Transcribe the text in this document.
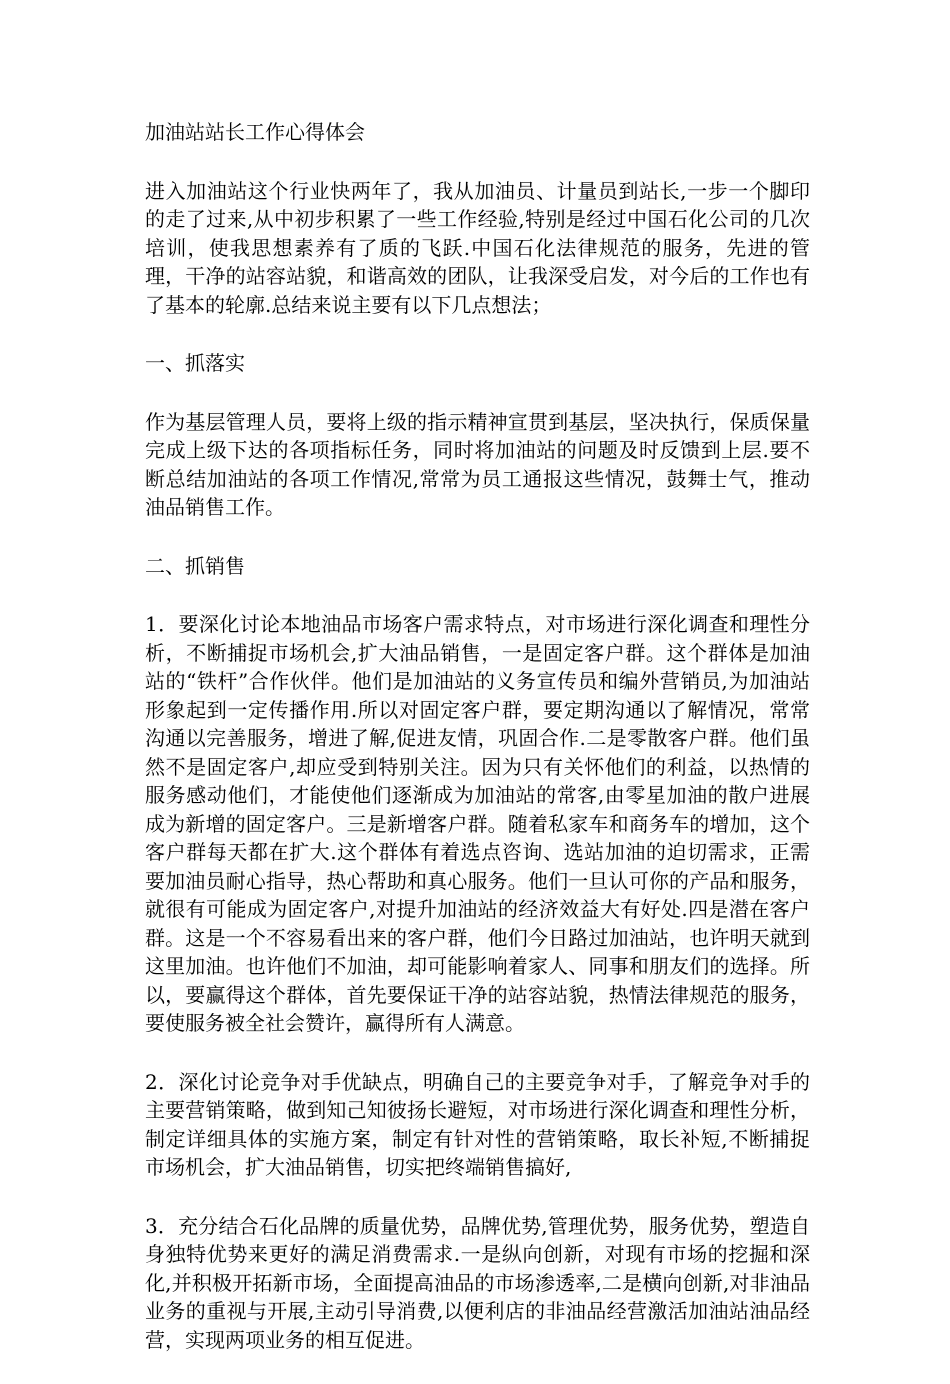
加油站站长工作心得体会

进入加油站这个行业快两年了，我从加油员、计量员到站长,一步一个脚印的走了过来,从中初步积累了一些工作经验,特别是经过中国石化公司的几次培训，使我思想素养有了质的飞跃.中国石化法律规范的服务，先进的管理，干净的站容站貌，和谐高效的团队，让我深受启发，对今后的工作也有了基本的轮廓.总结来说主要有以下几点想法；

一、抓落实

作为基层管理人员，要将上级的指示精神宣贯到基层，坚决执行，保质保量完成上级下达的各项指标任务，同时将加油站的问题及时反馈到上层.要不断总结加油站的各项工作情况,常常为员工通报这些情况，鼓舞士气，推动油品销售工作。

二、抓销售

1．要深化讨论本地油品市场客户需求特点，对市场进行深化调查和理性分析，不断捕捉市场机会,扩大油品销售，一是固定客户群。这个群体是加油站的“铁杆”合作伙伴。他们是加油站的义务宣传员和编外营销员,为加油站形象起到一定传播作用.所以对固定客户群，要定期沟通以了解情况，常常沟通以完善服务，增进了解,促进友情，巩固合作.二是零散客户群。他们虽然不是固定客户,却应受到特别关注。因为只有关怀他们的利益，以热情的服务感动他们，才能使他们逐渐成为加油站的常客,由零星加油的散户进展成为新增的固定客户。三是新增客户群。随着私家车和商务车的增加，这个客户群每天都在扩大.这个群体有着选点咨询、选站加油的迫切需求，正需要加油员耐心指导，热心帮助和真心服务。他们一旦认可你的产品和服务，就很有可能成为固定客户,对提升加油站的经济效益大有好处.四是潜在客户群。这是一个不容易看出来的客户群，他们今日路过加油站，也许明天就到这里加油。也许他们不加油，却可能影响着家人、同事和朋友们的选择。所以，要赢得这个群体，首先要保证干净的站容站貌，热情法律规范的服务，要使服务被全社会赞许，赢得所有人满意。

2．深化讨论竞争对手优缺点，明确自己的主要竞争对手，了解竞争对手的主要营销策略，做到知己知彼扬长避短，对市场进行深化调查和理性分析，制定详细具体的实施方案，制定有针对性的营销策略，取长补短,不断捕捉市场机会，扩大油品销售，切实把终端销售搞好,

3．充分结合石化品牌的质量优势，品牌优势,管理优势，服务优势，塑造自身独特优势来更好的满足消费需求.一是纵向创新，对现有市场的挖掘和深化,并积极开拓新市场，全面提高油品的市场渗透率,二是横向创新,对非油品业务的重视与开展,主动引导消费,以便利店的非油品经营激活加油站油品经营，实现两项业务的相互促进。
